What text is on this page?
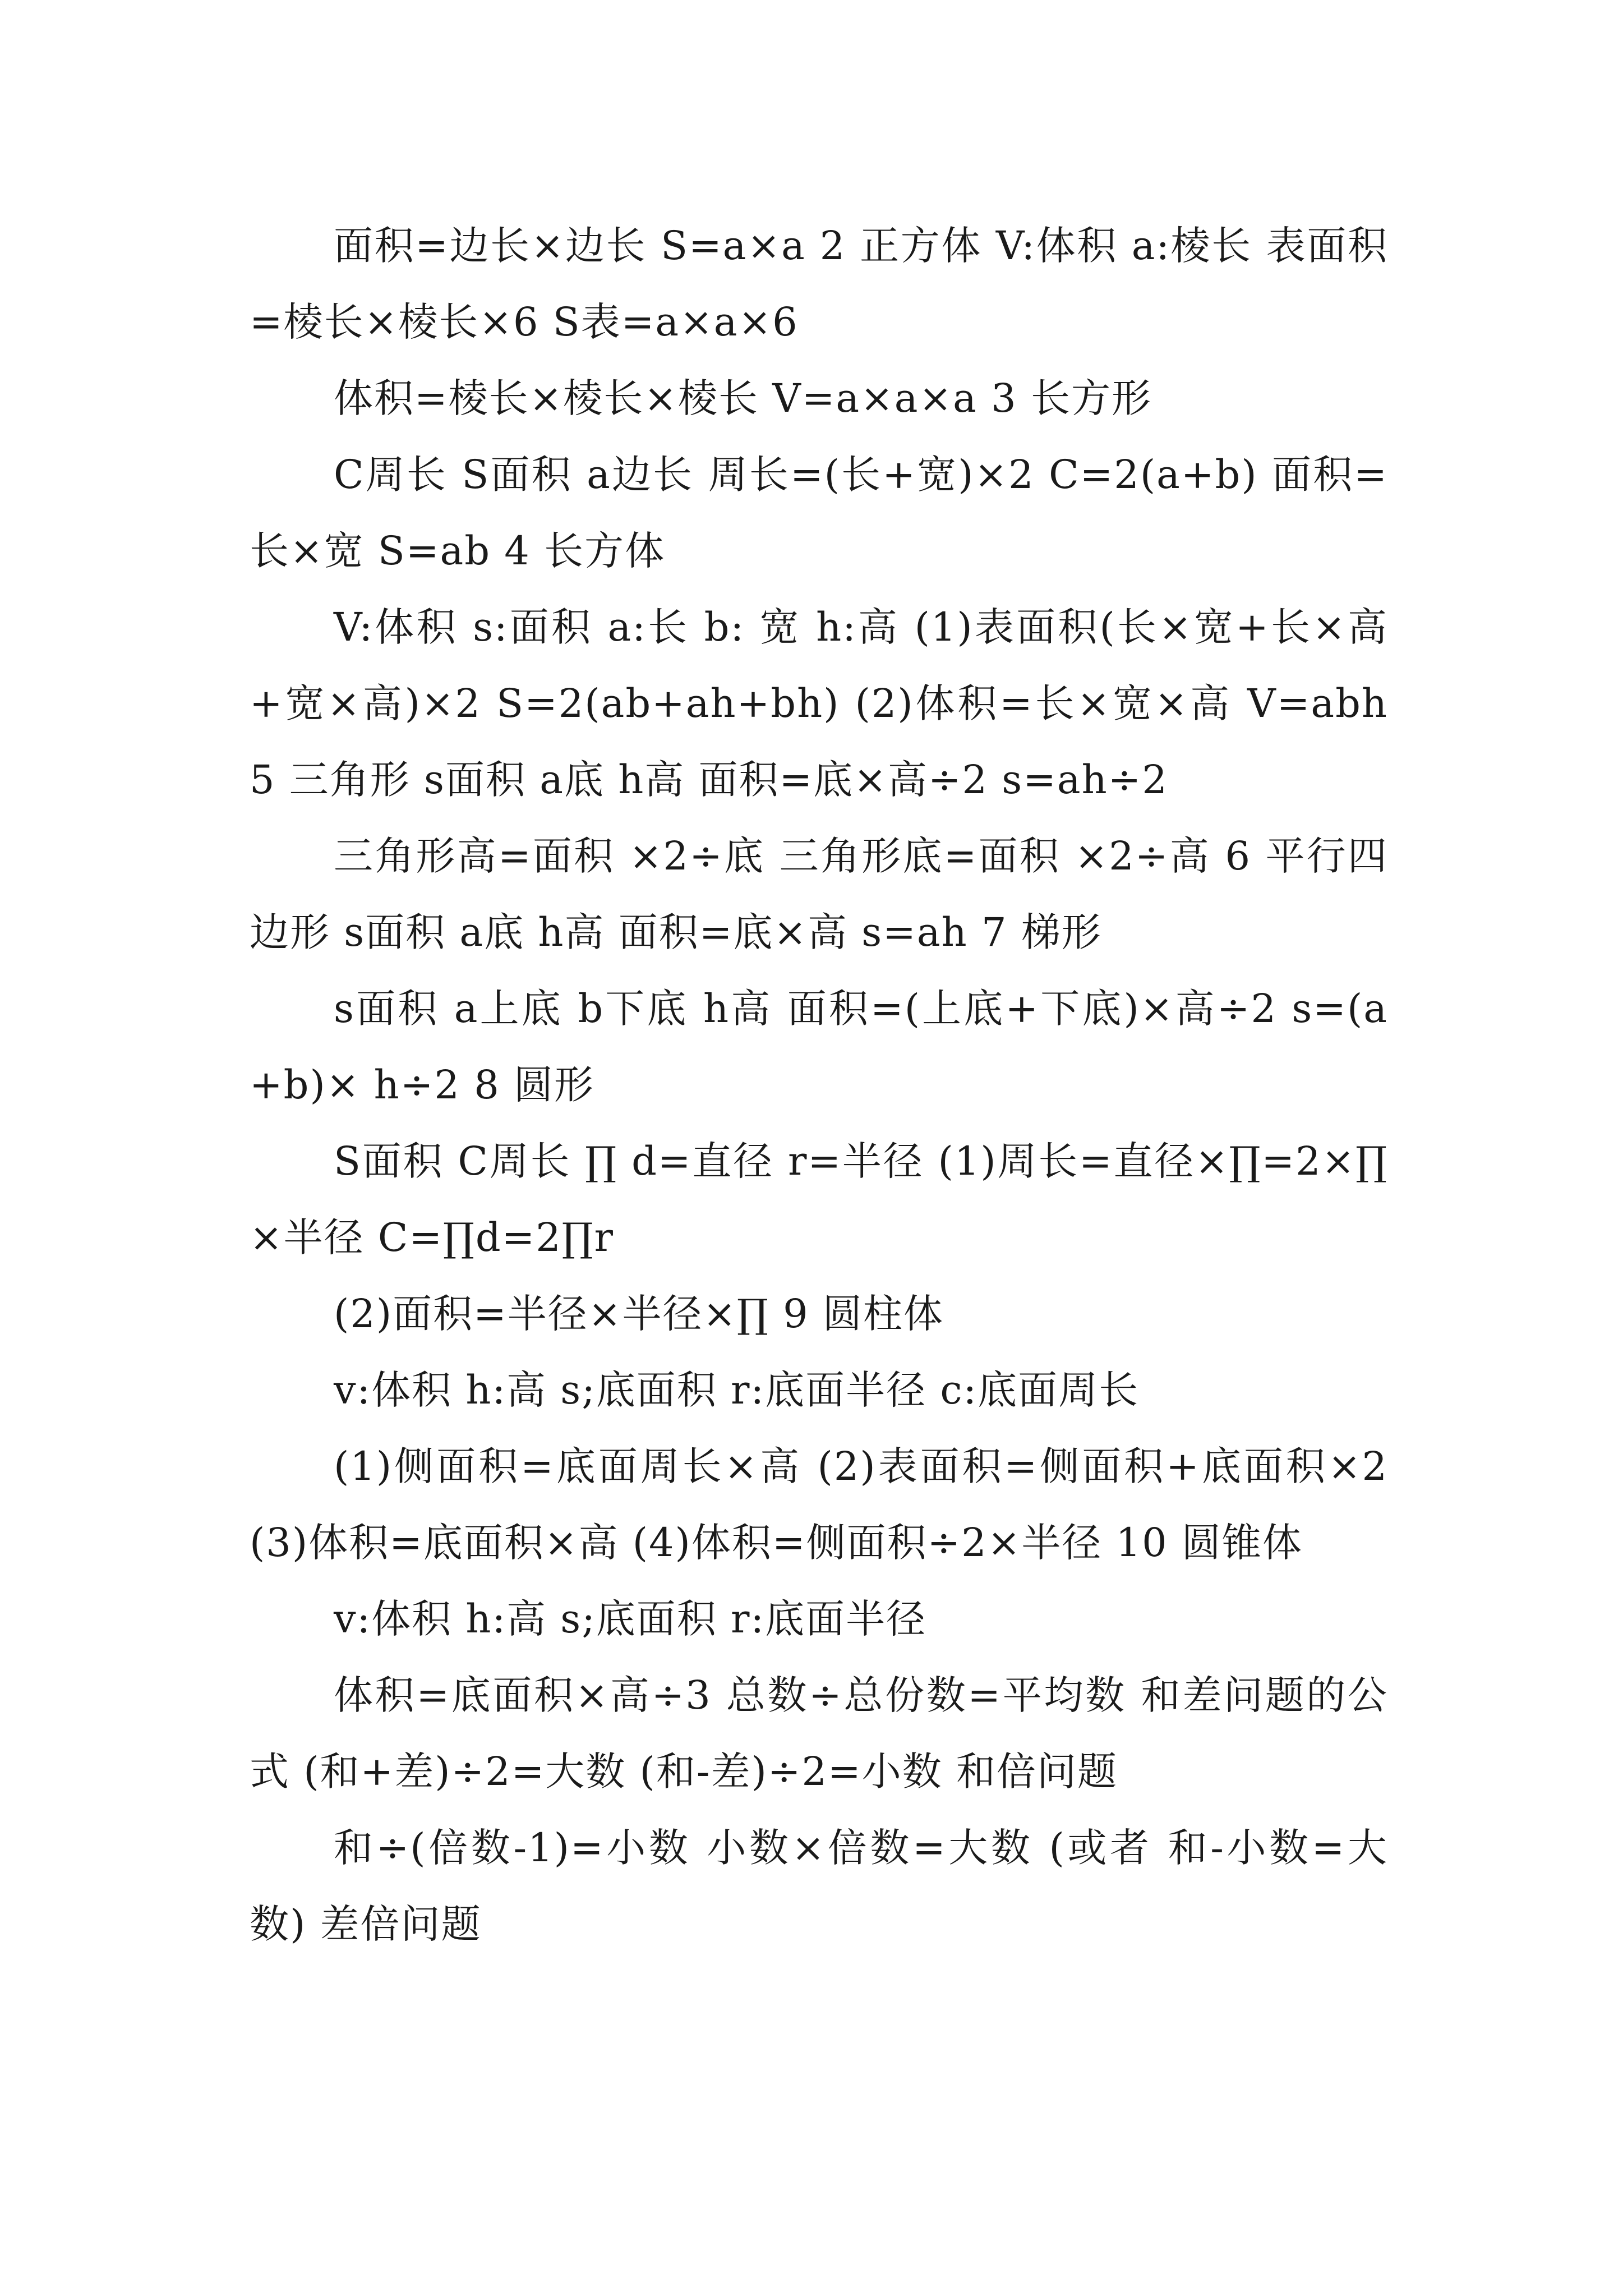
面积=边长×边长 S=a×a 2 正方体 V:体积 a:棱长 表面积=棱长×棱长×6 S表=a×a×6

体积=棱长×棱长×棱长 V=a×a×a 3 长方形

C周长 S面积 a边长 周长=(长+宽)×2 C=2(a+b) 面积=长×宽 S=ab 4 长方体

V:体积 s:面积 a:长 b: 宽 h:高 (1)表面积(长×宽+长×高+宽×高)×2 S=2(ab+ah+bh) (2)体积=长×宽×高 V=abh 5 三角形 s面积 a底 h高 面积=底×高÷2 s=ah÷2

三角形高=面积 ×2÷底 三角形底=面积 ×2÷高 6 平行四边形 s面积 a底 h高 面积=底×高 s=ah 7 梯形

s面积 a上底 b下底 h高 面积=(上底+下底)×高÷2 s=(a+b)× h÷2 8 圆形

S面积 C周长 ∏ d=直径 r=半径 (1)周长=直径×∏=2×∏×半径 C=∏d=2∏r

(2)面积=半径×半径×∏ 9 圆柱体

v:体积 h:高 s;底面积 r:底面半径 c:底面周长

(1)侧面积=底面周长×高 (2)表面积=侧面积+底面积×2 (3)体积=底面积×高 (4)体积=侧面积÷2×半径 10 圆锥体

v:体积 h:高 s;底面积 r:底面半径

体积=底面积×高÷3 总数÷总份数=平均数 和差问题的公式 (和+差)÷2=大数 (和-差)÷2=小数 和倍问题

和÷(倍数-1)=小数 小数×倍数=大数 (或者 和-小数=大数) 差倍问题
